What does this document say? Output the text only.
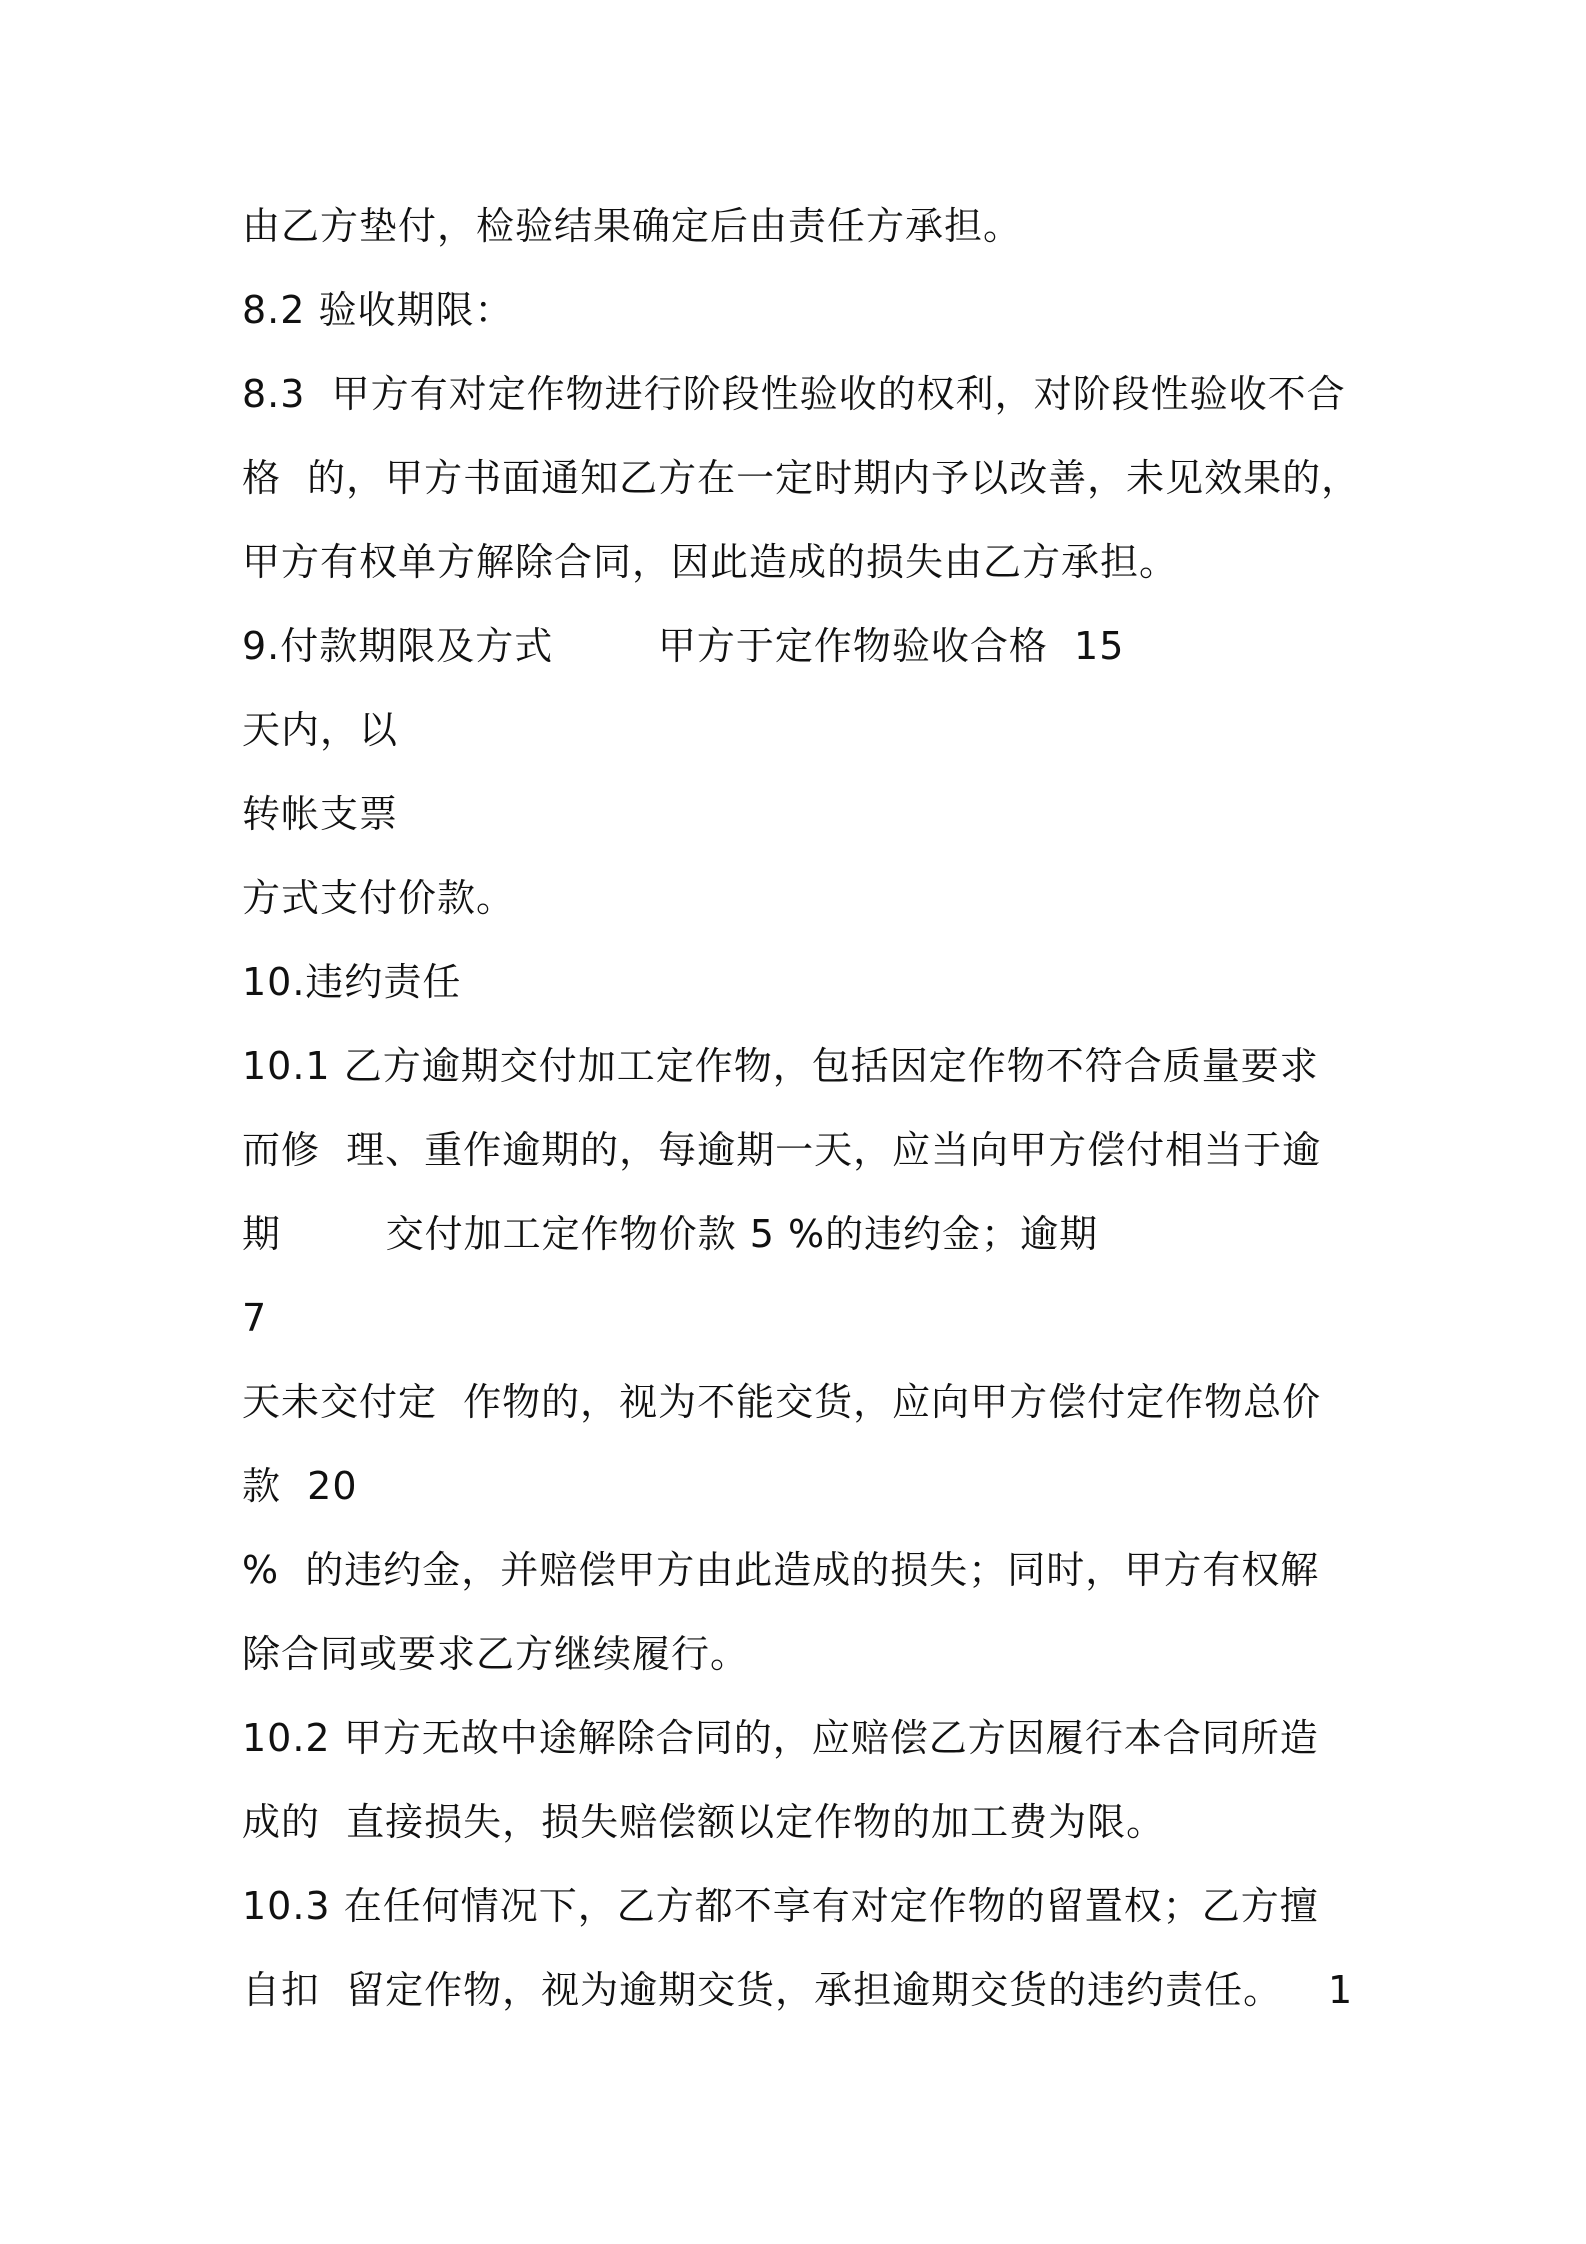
由乙方垫付，检验结果确定后由责任方承担。

8.2 验收期限：

8.3  甲方有对定作物进行阶段性验收的权利，对阶段性验收不合

格  的，甲方书面通知乙方在一定时期内予以改善，未见效果的，

甲方有权单方解除合同，因此造成的损失由乙方承担。

9.付款期限及方式        甲方于定作物验收合格  15

天内，以

转帐支票

方式支付价款。

10.违约责任

10.1 乙方逾期交付加工定作物，包括因定作物不符合质量要求

而修  理、重作逾期的，每逾期一天，应当向甲方偿付相当于逾

期        交付加工定作物价款 5 %的违约金；逾期

7

天未交付定  作物的，视为不能交货，应向甲方偿付定作物总价

款  20

%  的违约金，并赔偿甲方由此造成的损失；同时，甲方有权解

除合同或要求乙方继续履行。

10.2 甲方无故中途解除合同的，应赔偿乙方因履行本合同所造

成的  直接损失，损失赔偿额以定作物的加工费为限。

10.3 在任何情况下，乙方都不享有对定作物的留置权；乙方擅

自扣  留定作物，视为逾期交货，承担逾期交货的违约责任。 1
